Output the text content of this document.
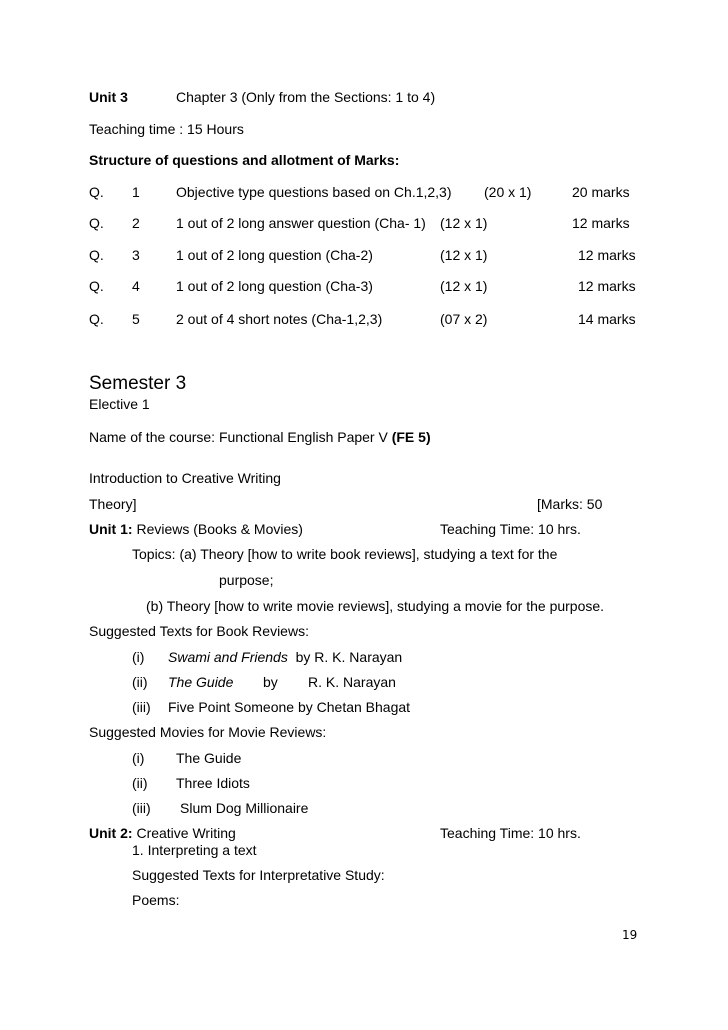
Unit 3	Chapter 3 (Only from the Sections: 1 to 4)
Teaching time : 15 Hours
Structure of questions and allotment of Marks:
Q. 1	Objective type questions based on Ch.1,2,3) (20 x 1)	20 marks
Q. 2	1 out of 2 long answer question (Cha- 1) (12 x 1)	12 marks
Q. 3	1 out of 2 long question (Cha-2)	(12 x 1)	12 marks
Q. 4	1 out of 2 long question (Cha-3)	(12 x 1)	12 marks
Q. 5	2 out of 4 short notes (Cha-1,2,3)	(07 x 2)	14 marks
Semester 3
Elective 1
Name of the course: Functional English Paper V (FE 5)
Introduction to Creative Writing
Theory]	[Marks: 50
Unit 1: Reviews (Books & Movies)	Teaching Time: 10 hrs.
Topics: (a) Theory [how to write book reviews], studying a text for the
purpose;
(b) Theory [how to write movie reviews], studying a movie for the purpose.
Suggested Texts for Book Reviews:
(i) Swami and Friends by R. K. Narayan
(ii) The Guide by R. K. Narayan
(iii) Five Point Someone by Chetan Bhagat
Suggested Movies for Movie Reviews:
(i) The Guide
(ii) Three Idiots
(iii) Slum Dog Millionaire
Unit 2: Creative Writing	Teaching Time: 10 hrs.
1. Interpreting a text
Suggested Texts for Interpretative Study:
Poems:
19
